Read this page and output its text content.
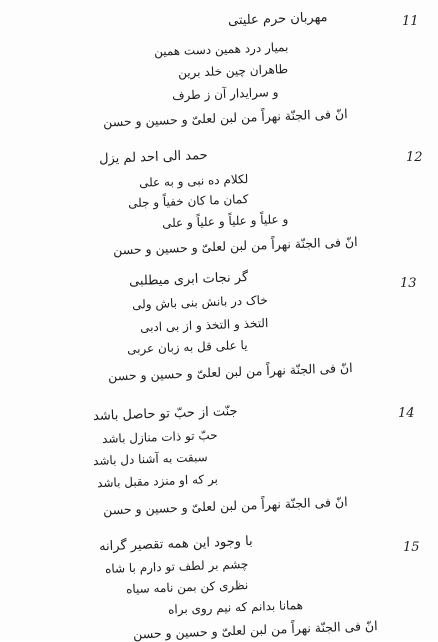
11
مهربان حرم علیتی
بمیار درد همین دست همین
طاهران چین خلد برین
و سرایدار آن ز طرف
انّ فی الجنّة نهراً من لبن لعلیّ و حسین و حسن
12
حمد الی احد لم یزل
لکلام ده نبی و به علی
کمان ما کان خفیاً و جلی
و علیاً و علیاً و علیاً و علی
انّ فی الجنّة نهراً من لبن لعلیّ و حسین و حسن
13
گر نجات ابری میطلبی
خاک در بانش بنی باش ولی
التخذ و التخذ و از بی ادبی
یا علی قل به زبان عربی
انّ فی الجنّة نهراً من لبن لعلیّ و حسین و حسن
14
جنّت از حبّ تو حاصل باشد
حبّ تو ذات منازل باشد
سبقت به آشنا دل باشد
بر که او منزد مقبل باشد
انّ فی الجنّة نهراً من لبن لعلیّ و حسین و حسن
15
با وجود این همه تقصیر گرانه
چشم بر لطف تو دارم با شاه
نظری کن بمن نامه سیاه
همانا بدانم که نیم روی براه
انّ فی الجنّة نهراً من لبن لعلیّ و حسین و حسن
